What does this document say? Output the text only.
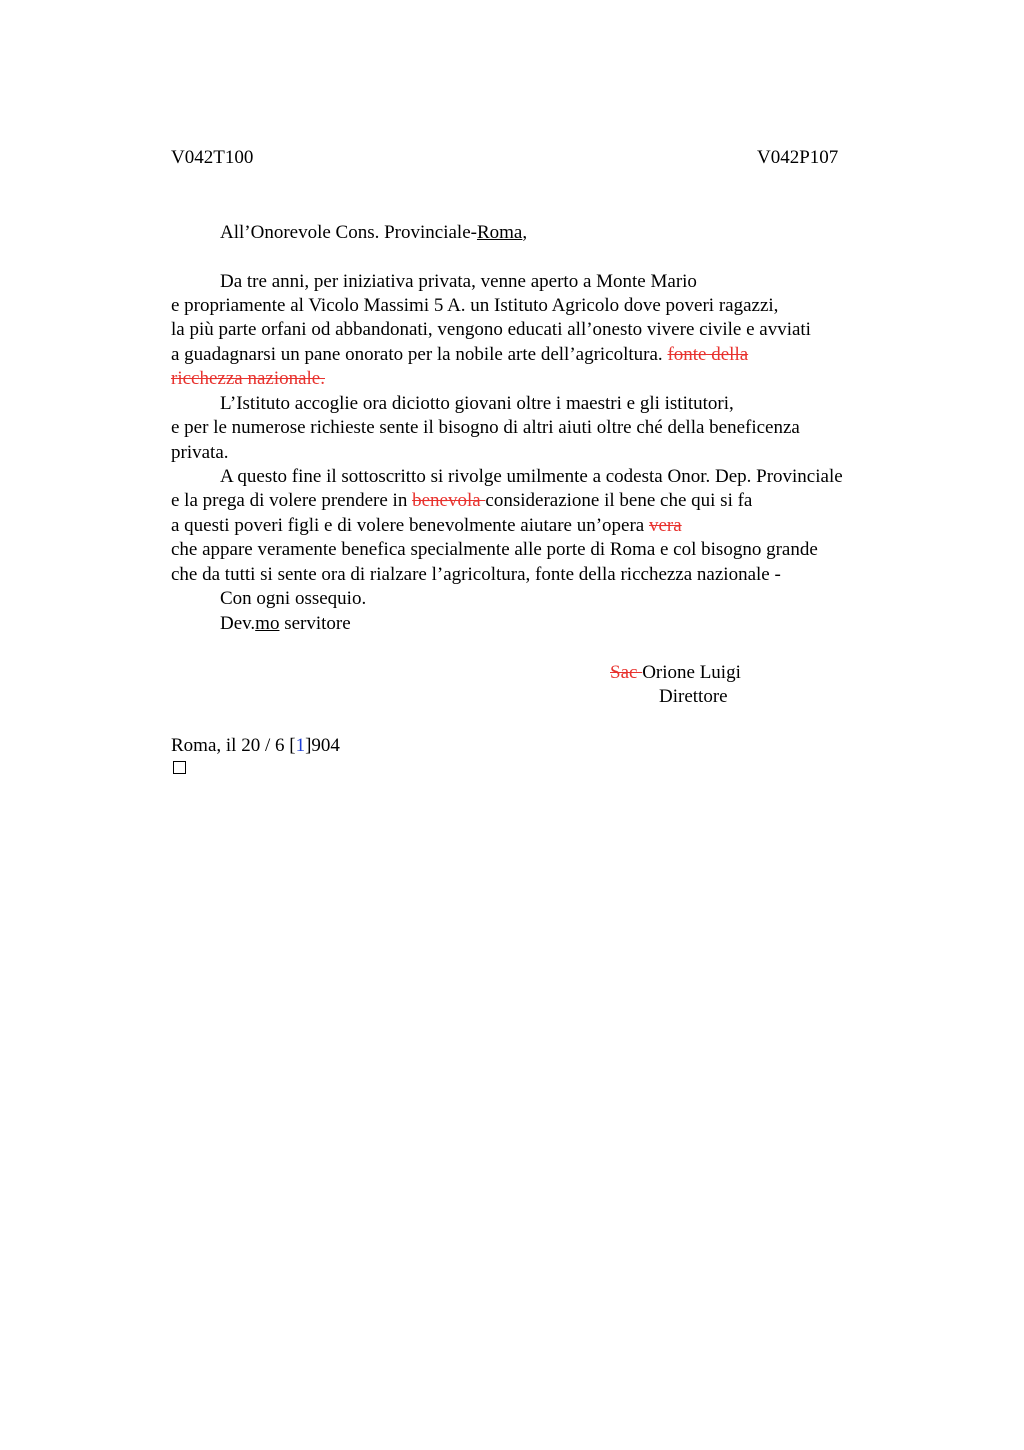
V042T100	V042P107
All’Onorevole Cons. Provinciale-Roma,
Da tre anni, per iniziativa privata, venne aperto a Monte Mario
e propriamente al Vicolo Massimi 5 A. un Istituto Agricolo dove poveri ragazzi,
la più parte orfani od abbandonati, vengono educati all’onesto vivere civile e avviati
a guadagnarsi un pane onorato per la nobile arte dell’agricoltura. fonte della
ricchezza nazionale.
L’Istituto accoglie ora diciotto giovani oltre i maestri e gli istitutori,
e per le numerose richieste sente il bisogno di altri aiuti oltre ché della beneficenza
privata.
A questo fine il sottoscritto si rivolge umilmente a codesta Onor. Dep. Provinciale
e la prega di volere prendere in benevola considerazione il bene che qui si fa
a questi poveri figli e di volere benevolmente aiutare un’opera vera
che appare veramente benefica specialmente alle porte di Roma e col bisogno grande
che da tutti si sente ora di rialzare l’agricoltura, fonte della ricchezza nazionale -
Con ogni ossequio.
Dev.mo servitore
Sac Orione Luigi
Direttore
Roma, il 20 / 6 [1]904
